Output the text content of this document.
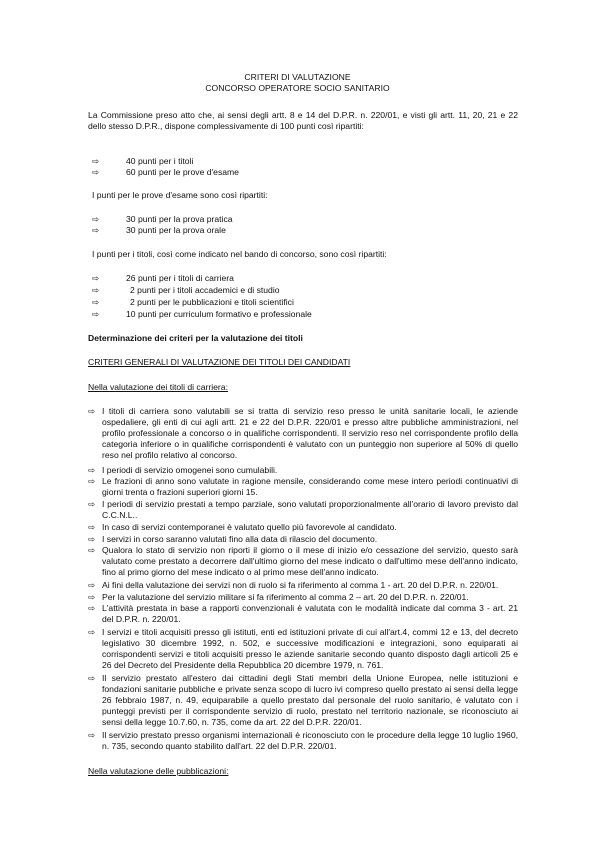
CRITERI DI VALUTAZIONE
CONCORSO OPERATORE SOCIO SANITARIO
La Commissione preso atto che, ai sensi degli artt. 8 e 14 del D.P.R. n. 220/01, e visti gli artt. 11, 20, 21 e 22 dello stesso D.P.R., dispone complessivamente di 100 punti così ripartiti:
⇨	40 punti per i titoli
⇨	60 punti per le prove d'esame
I punti per le prove d'esame sono così ripartiti:
⇨	30 punti per la prova pratica
⇨	30 punti per la prova orale
I punti per i titoli, così come indicato nel bando di concorso, sono così ripartiti:
⇨	26 punti per i titoli di carriera
⇨	2 punti per i titoli accademici e di studio
⇨	2 punti per le pubblicazioni e titoli scientifici
⇨	10 punti per curriculum formativo e professionale
Determinazione dei criteri per la valutazione dei titoli
CRITERI GENERALI DI VALUTAZIONE DEI TITOLI DEI CANDIDATI
Nella valutazione dei titoli di carriera:
⇨ I titoli di carriera sono valutabili se si tratta di servizio reso presso le unità sanitarie locali, le aziende ospedaliere, gli enti di cui agli artt. 21 e 22 del D.P.R. 220/01 e presso altre pubbliche amministrazioni, nel profilo professionale a concorso o in qualifiche corrispondenti. Il servizio reso nel corrispondente profilo della categoria inferiore o in qualifiche corrispondenti è valutato con un punteggio non superiore al 50% di quello reso nel profilo relativo al concorso.
⇨ I periodi di servizio omogenei sono cumulabili.
⇨ Le frazioni di anno sono valutate in ragione mensile, considerando come mese intero periodi continuativi di giorni trenta o frazioni superiori giorni 15.
⇨ I periodi di servizio prestati a tempo parziale, sono valutati proporzionalmente all'orario di lavoro previsto dal C.C.N.L..
⇨ In caso di servizi contemporanei è valutato quello più favorevole al candidato.
⇨ I servizi in corso saranno valutati fino alla data di rilascio del documento.
⇨ Qualora lo stato di servizio non riporti il giorno o il mese di inizio e/o cessazione del servizio, questo sarà valutato come prestato a decorrere dall'ultimo giorno del mese indicato o dall'ultimo mese dell'anno indicato, fino al primo giorno del mese indicato o al primo mese dell'anno indicato.
⇨ Ai fini della valutazione dei servizi non di ruolo si fa riferimento al comma 1 - art. 20 del D.P.R. n. 220/01.
⇨ Per la valutazione del servizio militare si fa riferimento al comma 2 – art. 20 del D.P.R. n. 220/01.
⇨ L'attività prestata in base a rapporti convenzionali è valutata con le modalità indicate dal comma 3 - art. 21 del D.P.R. n. 220/01.
⇨ I servizi e titoli acquisiti presso gli istituti, enti ed istituzioni private di cui all'art.4, commi 12 e 13, del decreto legislativo 30 dicembre 1992, n. 502, e successive modificazioni e integrazioni, sono equiparati ai corrispondenti servizi e titoli acquisiti presso le aziende sanitarie secondo quanto disposto dagli articoli 25 e 26 del Decreto del Presidente della Repubblica 20 dicembre 1979, n. 761.
⇨ Il servizio prestato all'estero dai cittadini degli Stati membri della Unione Europea, nelle istituzioni e fondazioni sanitarie pubbliche e private senza scopo di lucro ivi compreso quello prestato ai sensi della legge 26 febbraio 1987, n. 49, equiparabile a quello prestato dal personale del ruolo sanitario, è valutato con i punteggi previsti per il corrispondente servizio di ruolo, prestato nel territorio nazionale, se riconosciuto ai sensi della legge 10.7.60, n. 735, come da art. 22 del D.P.R. 220/01.
⇨ Il servizio prestato presso organismi internazionali è riconosciuto con le procedure della legge 10 luglio 1960, n. 735, secondo quanto stabilito dall'art. 22 del D.P.R. 220/01.
Nella valutazione delle pubblicazioni:
